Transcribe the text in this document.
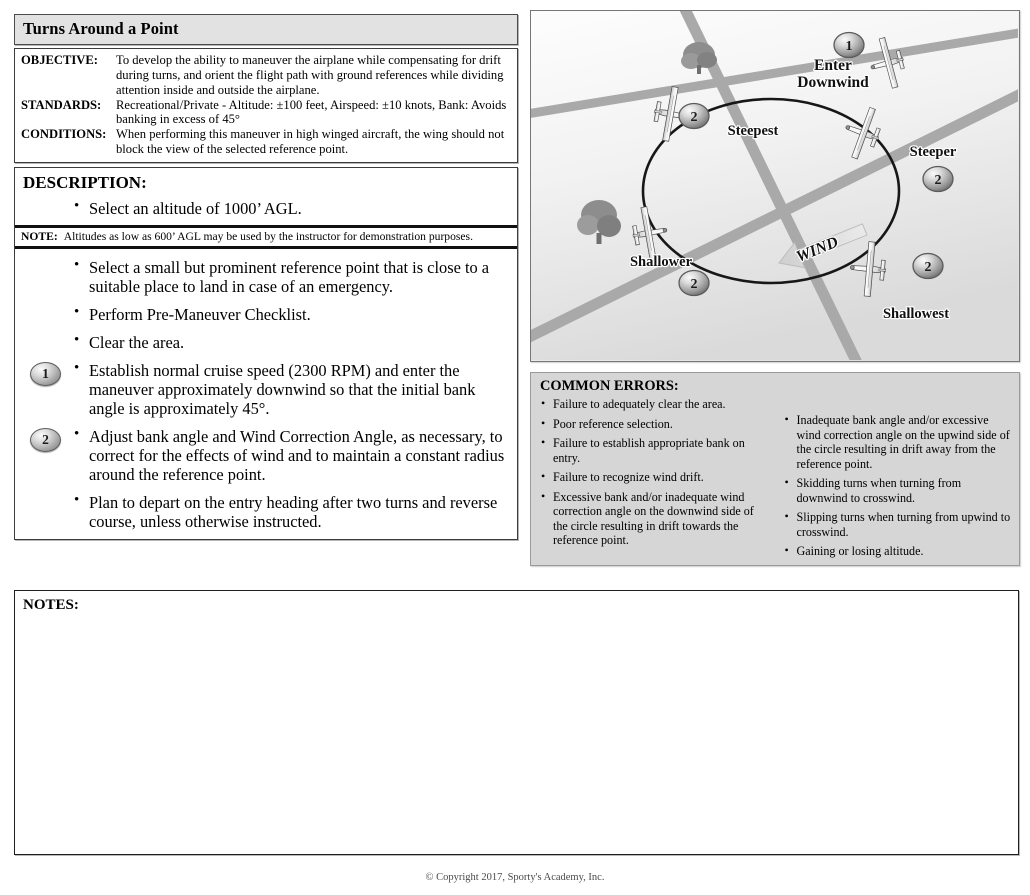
Turns Around a Point
OBJECTIVE:	To develop the ability to maneuver the airplane while compensating for drift during turns, and orient the flight path with ground references while dividing attention inside and outside the airplane.
STANDARDS:	Recreational/Private - Altitude: ±100 feet, Airspeed: ±10 knots, Bank: Avoids banking in excess of 45°
CONDITIONS: When performing this maneuver in high winged aircraft, the wing should not block the view of the selected reference point.
DESCRIPTION:
• Select an altitude of 1000’ AGL.
NOTE: Altitudes as low as 600’ AGL may be used by the instructor for demonstration purposes.
• Select a small but prominent reference point that is close to a suitable place to land in case of an emergency.
• Perform Pre-Maneuver Checklist.
• Clear the area.
• 1	Establish normal cruise speed (2300 RPM) and enter the maneuver approximately downwind so that the initial bank angle is approximately 45°.
• 2	Adjust bank angle and Wind Correction Angle, as necessary, to correct for the effects of wind and to maintain a constant radius around the reference point.
• Plan to depart on the entry heading after two turns and reverse course, unless otherwise instructed.
WIND
1
2
2
2
2
Enter
Downwind
Steepest
Steeper
Shallower
Shallowest
COMMON ERRORS:
• Failure to adequately clear the area.
• Poor reference selection.
• Failure to establish appropriate bank on entry.
• Failure to recognize wind drift.
• Excessive bank and/or inadequate wind correction angle on the downwind side of the circle resulting in drift towards the reference point.
• Inadequate bank angle and/or excessive wind correction angle on the upwind side of the circle resulting in drift away from the reference point.
• Skidding turns when turning from downwind to crosswind.
• Slipping turns when turning from upwind to crosswind.
• Gaining or losing altitude.
NOTES:
© Copyright 2017, Sporty's Academy, Inc.
